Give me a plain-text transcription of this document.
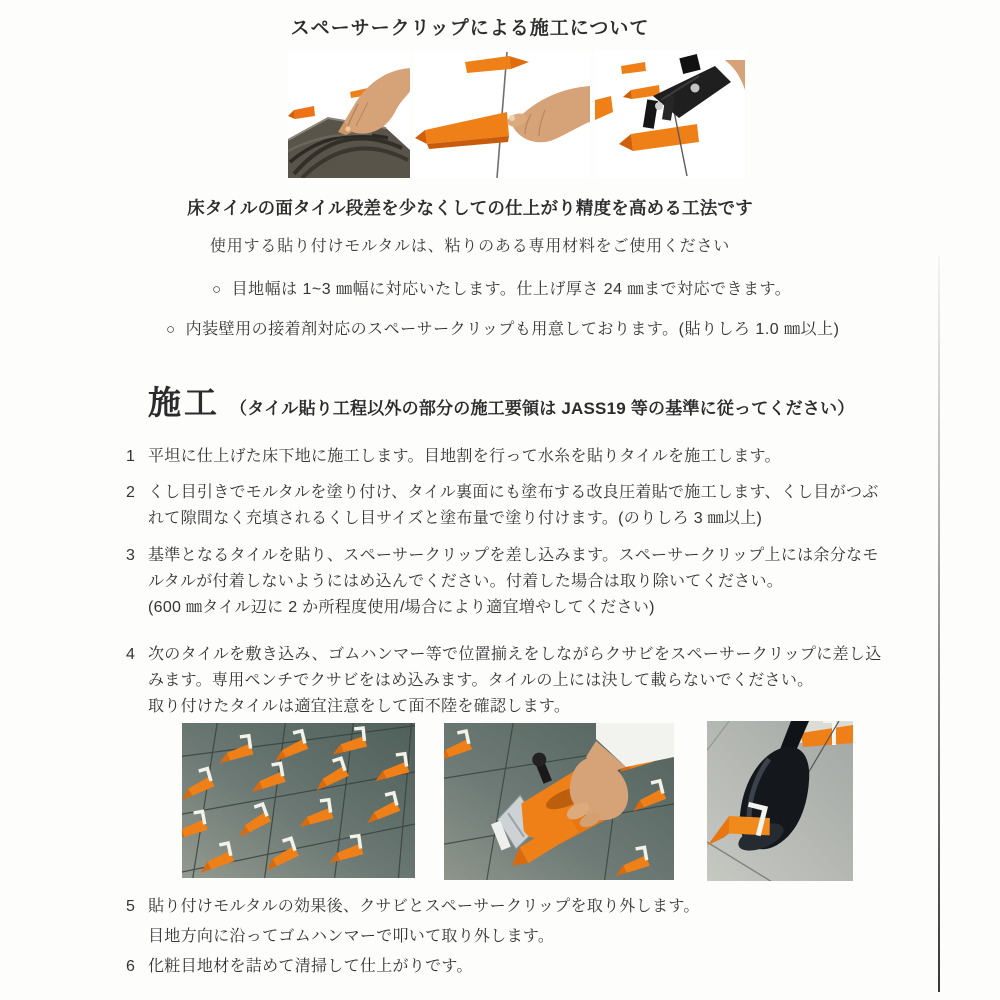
スペーサークリップによる施工について
床タイルの面タイル段差を少なくしての仕上がり精度を高める工法です
使用する貼り付けモルタルは、粘りのある専用材料をご使用ください
○ 目地幅は 1~3 ㎜幅に対応いたします。仕上げ厚さ 24 ㎜まで対応できます。
○ 内装壁用の接着剤対応のスペーサークリップも用意しております。(貼りしろ 1.0 ㎜以上)
施工 （タイル貼り工程以外の部分の施工要領は JASS19 等の基準に従ってください）
1 平坦に仕上げた床下地に施工します。目地割を行って水糸を貼りタイルを施工します。
2 くし目引きでモルタルを塗り付け、タイル裏面にも塗布する改良圧着貼で施工します、くし目がつぶ
れて隙間なく充填されるくし目サイズと塗布量で塗り付けます。(のりしろ 3 ㎜以上)
3 基準となるタイルを貼り、スペーサークリップを差し込みます。スペーサークリップ上には余分なモ
ルタルが付着しないようにはめ込んでください。付着した場合は取り除いてください。
(600 ㎜タイル辺に 2 か所程度使用/場合により適宜増やしてください)
4 次のタイルを敷き込み、ゴムハンマー等で位置揃えをしながらクサビをスペーサークリップに差し込
みます。専用ペンチでクサビをはめ込みます。タイルの上には決して載らないでください。
取り付けたタイルは適宜注意をして面不陸を確認します。
5 貼り付けモルタルの効果後、クサビとスペーサークリップを取り外します。
目地方向に沿ってゴムハンマーで叩いて取り外します。
6 化粧目地材を詰めて清掃して仕上がりです。
